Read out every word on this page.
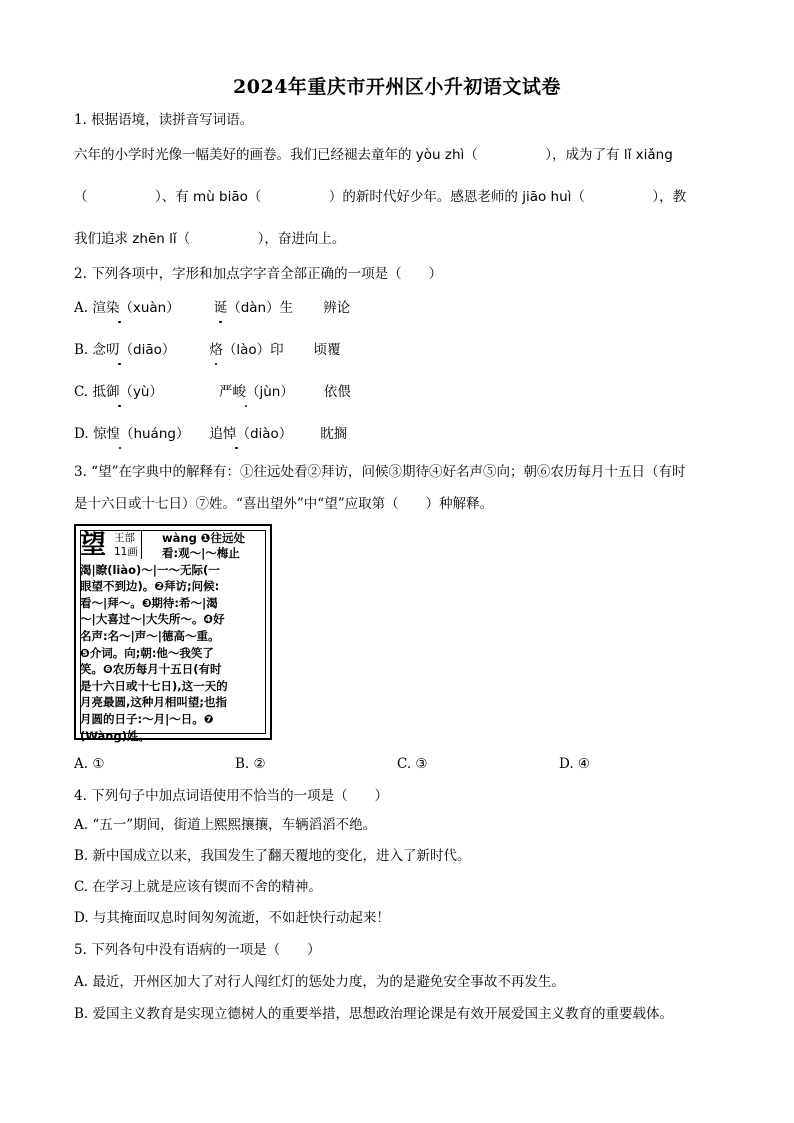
2024年重庆市开州区小升初语文试卷
1. 根据语境，读拼音写词语。
六年的小学时光像一幅美好的画卷。我们已经褪去童年的 yòu zhì（　　　　　），成为了有 lǐ xiǎng
（　　　　　）、有 mù biāo（　　　　　）的新时代好少年。感恩老师的 jiāo huì（　　　　　），教
我们追求 zhēn lǐ（　　　　　），奋进向上。
2. 下列各项中，字形和加点字字音全部正确的一项是（　　）
A. 渲染（xuàn）	诞（dàn）生 辨论
B. 念叨（diāo）	烙（lào）印 顷覆
C. 抵御（yù）	严峻（jùn） 依偎
D. 惊惶（huáng） 追悼（diào） 眈搁
3. “望”在字典中的解释有：①往远处看②拜访，问候③期待④好名声⑤向；朝⑥农历每月十五日（有时
是十六日或十七日）⑦姓。“喜出望外”中“望”应取第（　　）种解释。
望 王部
11画
wàng ❶往远处
看:观～|～梅止
渴|瞭(liào)～|一～无际(一
眼望不到边)。❷拜访;问候:
看～|拜～。❸期待:希～|渴
～|大喜过～|大失所～。❹好
名声:名～|声～|德高～重。
❺介词。向;朝:他～我笑了
笑。❻农历每月十五日(有时
是十六日或十七日),这一天的
月亮最圆,这种月相叫望;也指
月圆的日子:～月|～日。❼
(Wàng)姓。
A. ①	B. ②	C. ③	D. ④
4. 下列句子中加点词语使用不恰当的一项是（　　）
A. “五一”期间，街道上熙熙攘攘，车辆滔滔不绝。
B. 新中国成立以来，我国发生了翻天覆地的变化，进入了新时代。
C. 在学习上就是应该有锲而不舍的精神。
D. 与其掩面叹息时间匆匆流逝，不如赶快行动起来！
5. 下列各句中没有语病的一项是（　　）
A. 最近，开州区加大了对行人闯红灯的惩处力度，为的是避免安全事故不再发生。
B. 爱国主义教育是实现立德树人的重要举措，思想政治理论课是有效开展爱国主义教育的重要载体。
